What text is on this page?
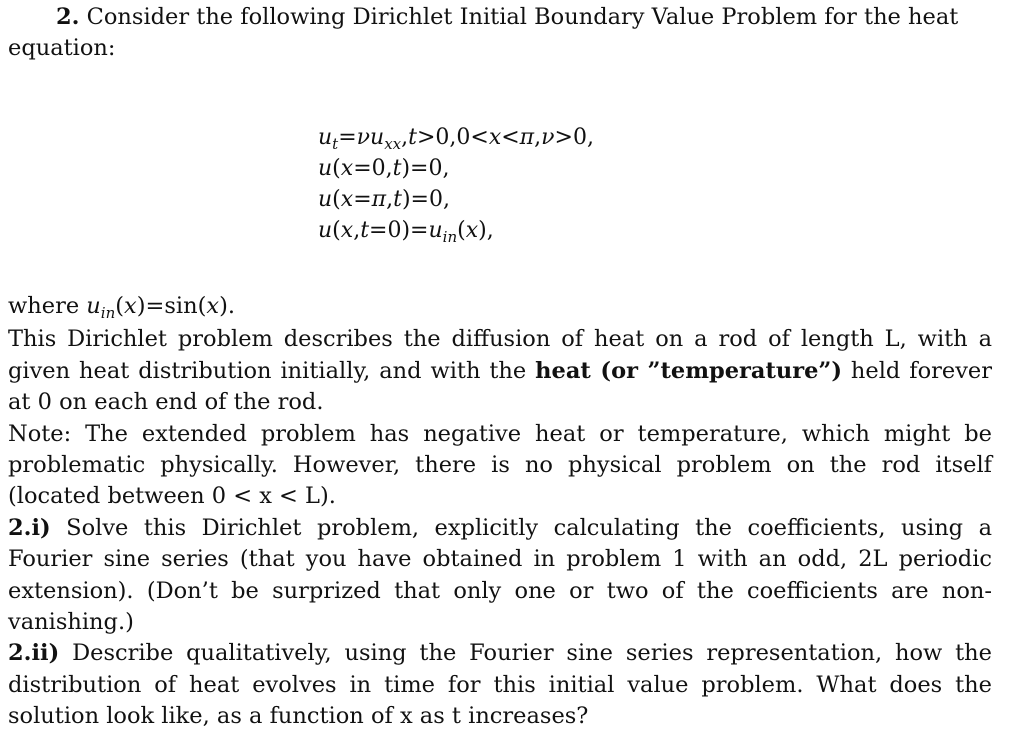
2. Consider the following Dirichlet Initial Boundary Value Problem for the heat
equation:

$u_t=\nu u_{xx},t>0,0<x<\pi,\nu>0$,
u(x=0,t)=0,
u(x=π,t)=0,
$u(x,t=0)=u_{in}(x)$,

where $u_{in}(x)=\sin(x)$.

This Dirichlet problem describes the diffusion of heat on a rod of length L, with a given heat distribution initially, and with the heat (or ”temperature”) held forever at 0 on each end of the rod.

Note: The extended problem has negative heat or temperature, which might be problematic physically. However, there is no physical problem on the rod itself (located between 0 < x < L).

2.i) Solve this Dirichlet problem, explicitly calculating the coefficients, using a Fourier sine series (that you have obtained in problem 1 with an odd, 2L periodic extension). (Don’t be surprized that only one or two of the coefficients are non-vanishing.)

2.ii) Describe qualitatively, using the Fourier sine series representation, how the distribution of heat evolves in time for this initial value problem. What does the solution look like, as a function of x as t increases?
